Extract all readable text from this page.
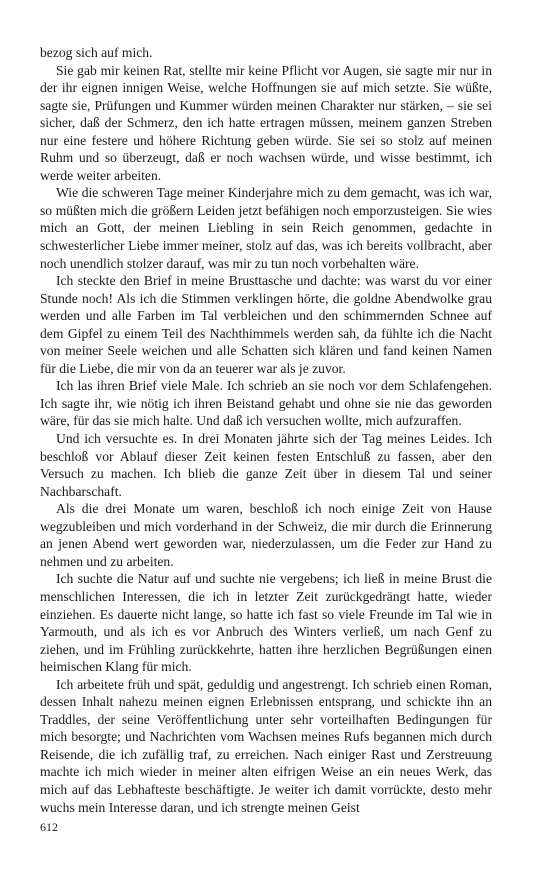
bezog sich auf mich.

Sie gab mir keinen Rat, stellte mir keine Pflicht vor Augen, sie sagte mir nur in der ihr eignen innigen Weise, welche Hoffnungen sie auf mich setzte. Sie wüßte, sagte sie, Prüfungen und Kummer würden meinen Charakter nur stärken, – sie sei sicher, daß der Schmerz, den ich hatte ertragen müssen, meinem ganzen Streben nur eine festere und höhere Richtung geben würde. Sie sei so stolz auf meinen Ruhm und so überzeugt, daß er noch wachsen würde, und wisse bestimmt, ich werde weiter arbeiten.

Wie die schweren Tage meiner Kinderjahre mich zu dem gemacht, was ich war, so müßten mich die größern Leiden jetzt befähigen noch emporzusteigen. Sie wies mich an Gott, der meinen Liebling in sein Reich genommen, gedachte in schwesterlicher Liebe immer meiner, stolz auf das, was ich bereits vollbracht, aber noch unendlich stolzer darauf, was mir zu tun noch vorbehalten wäre.

Ich steckte den Brief in meine Brusttasche und dachte: was warst du vor einer Stunde noch! Als ich die Stimmen verklingen hörte, die goldne Abendwolke grau werden und alle Farben im Tal verbleichen und den schimmernden Schnee auf dem Gipfel zu einem Teil des Nachthimmels werden sah, da fühlte ich die Nacht von meiner Seele weichen und alle Schatten sich klären und fand keinen Namen für die Liebe, die mir von da an teuerer war als je zuvor.

Ich las ihren Brief viele Male. Ich schrieb an sie noch vor dem Schlafengehen. Ich sagte ihr, wie nötig ich ihren Beistand gehabt und ohne sie nie das geworden wäre, für das sie mich halte. Und daß ich versuchen wollte, mich aufzuraffen.

Und ich versuchte es. In drei Monaten jährte sich der Tag meines Leides. Ich beschloß vor Ablauf dieser Zeit keinen festen Entschluß zu fassen, aber den Versuch zu machen. Ich blieb die ganze Zeit über in diesem Tal und seiner Nachbarschaft.

Als die drei Monate um waren, beschloß ich noch einige Zeit von Hause wegzubleiben und mich vorderhand in der Schweiz, die mir durch die Erinnerung an jenen Abend wert geworden war, niederzulassen, um die Feder zur Hand zu nehmen und zu arbeiten.

Ich suchte die Natur auf und suchte nie vergebens; ich ließ in meine Brust die menschlichen Interessen, die ich in letzter Zeit zurückgedrängt hatte, wieder einziehen. Es dauerte nicht lange, so hatte ich fast so viele Freunde im Tal wie in Yarmouth, und als ich es vor Anbruch des Winters verließ, um nach Genf zu ziehen, und im Frühling zurückkehrte, hatten ihre herzlichen Begrüßungen einen heimischen Klang für mich.

Ich arbeitete früh und spät, geduldig und angestrengt. Ich schrieb einen Roman, dessen Inhalt nahezu meinen eignen Erlebnissen entsprang, und schickte ihn an Traddles, der seine Veröffentlichung unter sehr vorteilhaften Bedingungen für mich besorgte; und Nachrichten vom Wachsen meines Rufs begannen mich durch Reisende, die ich zufällig traf, zu erreichen. Nach einiger Rast und Zerstreuung machte ich mich wieder in meiner alten eifrigen Weise an ein neues Werk, das mich auf das Lebhafteste beschäftigte. Je weiter ich damit vorrückte, desto mehr wuchs mein Interesse daran, und ich strengte meinen Geist

612
